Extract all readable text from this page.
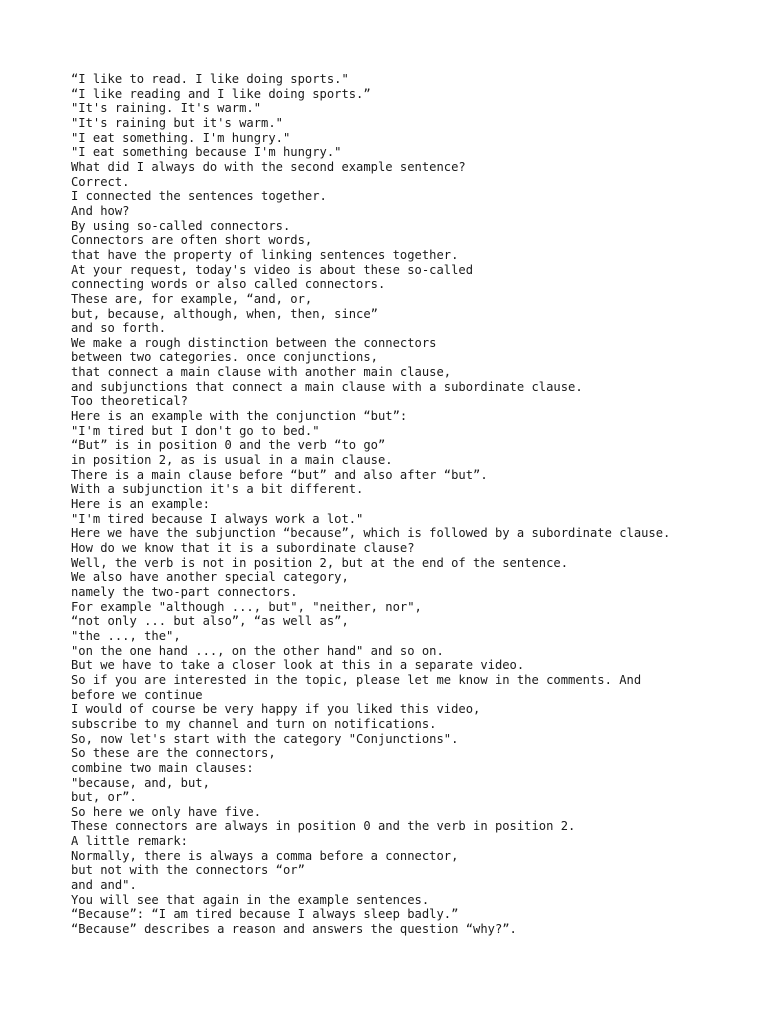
“I like to read. I like doing sports."

“I like reading and I like doing sports.”

"It's raining. It's warm."

"It's raining but it's warm."

"I eat something. I'm hungry."

"I eat something because I'm hungry."

What did I always do with the second example sentence?

Correct.

I connected the sentences together.

And how?

By using so-called connectors.

Connectors are often short words,

that have the property of linking sentences together.

At your request, today's video is about these so-called

connecting words or also called connectors.

These are, for example, “and, or,

but, because, although, when, then, since”

and so forth.

We make a rough distinction between the connectors

between two categories. once conjunctions,

that connect a main clause with another main clause,

and subjunctions that connect a main clause with a subordinate clause.

Too theoretical?

Here is an example with the conjunction “but”:

"I'm tired but I don't go to bed."

“But” is in position 0 and the verb “to go”

in position 2, as is usual in a main clause.

There is a main clause before “but” and also after “but”.

With a subjunction it's a bit different.

Here is an example:

"I'm tired because I always work a lot."

Here we have the subjunction “because”, which is followed by a subordinate clause.

How do we know that it is a subordinate clause?

Well, the verb is not in position 2, but at the end of the sentence.

We also have another special category,

namely the two-part connectors.

For example "although ..., but", "neither, nor",

“not only ... but also”, “as well as”,

"the ..., the",

"on the one hand ..., on the other hand" and so on.

But we have to take a closer look at this in a separate video.

So if you are interested in the topic, please let me know in the comments. And

before we continue

I would of course be very happy if you liked this video,

subscribe to my channel and turn on notifications.

So, now let's start with the category "Conjunctions".

So these are the connectors,

combine two main clauses:

"because, and, but,

but, or”.

So here we only have five.

These connectors are always in position 0 and the verb in position 2.

A little remark:

Normally, there is always a comma before a connector,

but not with the connectors “or”

and and".

You will see that again in the example sentences.

“Because”: “I am tired because I always sleep badly.”

“Because” describes a reason and answers the question “why?”.
